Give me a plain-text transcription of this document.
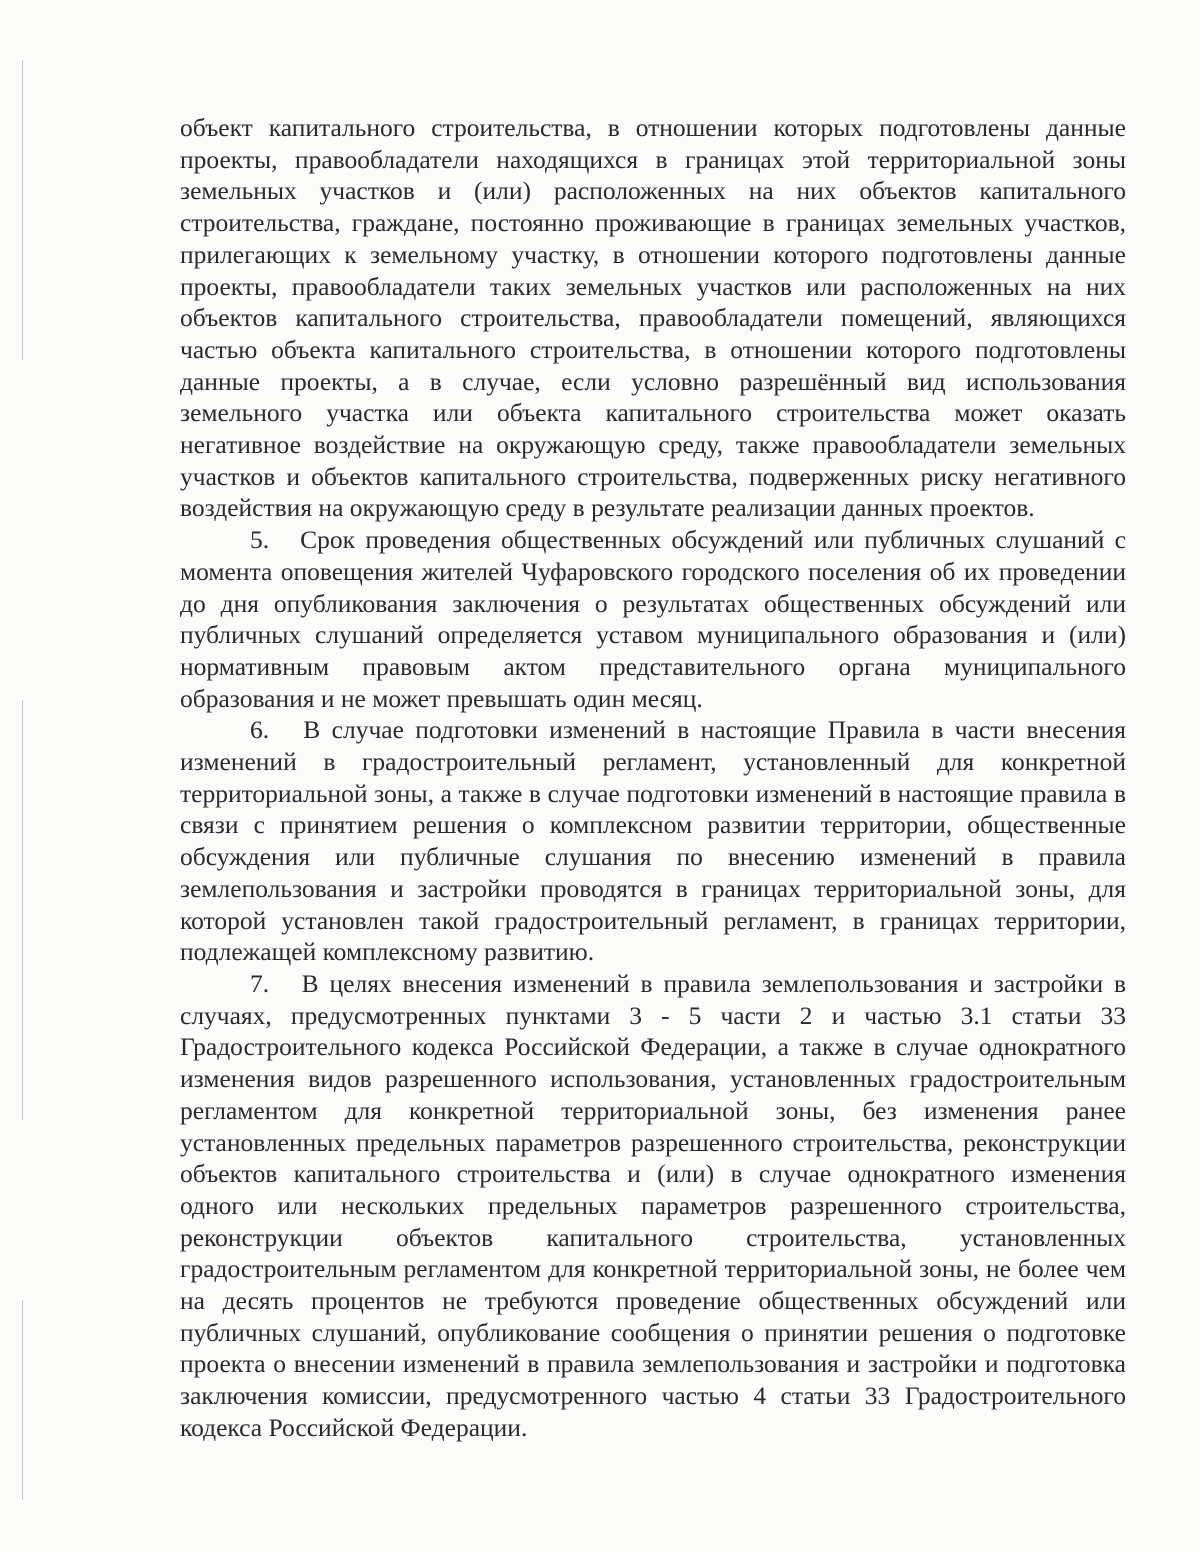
объект капитального строительства, в отношении которых подготовлены данные проекты, правообладатели находящихся в границах этой территориальной зоны земельных участков и (или) расположенных на них объектов капитального строительства, граждане, постоянно проживающие в границах земельных участков, прилегающих к земельному участку, в отношении которого подготовлены данные проекты, правообладатели таких земельных участков или расположенных на них объектов капитального строительства, правообладатели помещений, являющихся частью объекта капитального строительства, в отношении которого подготовлены данные проекты, а в случае, если условно разрешённый вид использования земельного участка или объекта капитального строительства может оказать негативное воздействие на окружающую среду, также правообладатели земельных участков и объектов капитального строительства, подверженных риску негативного воздействия на окружающую среду в результате реализации данных проектов.

5. Срок проведения общественных обсуждений или публичных слушаний с момента оповещения жителей Чуфаровского городского поселения об их проведении до дня опубликования заключения о результатах общественных обсуждений или публичных слушаний определяется уставом муниципального образования и (или) нормативным правовым актом представительного органа муниципального образования и не может превышать один месяц.

6. В случае подготовки изменений в настоящие Правила в части внесения изменений в градостроительный регламент, установленный для конкретной территориальной зоны, а также в случае подготовки изменений в настоящие правила в связи с принятием решения о комплексном развитии территории, общественные обсуждения или публичные слушания по внесению изменений в правила землепользования и застройки проводятся в границах территориальной зоны, для которой установлен такой градостроительный регламент, в границах территории, подлежащей комплексному развитию.

7. В целях внесения изменений в правила землепользования и застройки в случаях, предусмотренных пунктами 3 - 5 части 2 и частью 3.1 статьи 33 Градостроительного кодекса Российской Федерации, а также в случае однократного изменения видов разрешенного использования, установленных градостроительным регламентом для конкретной территориальной зоны, без изменения ранее установленных предельных параметров разрешенного строительства, реконструкции объектов капитального строительства и (или) в случае однократного изменения одного или нескольких предельных параметров разрешенного строительства, реконструкции объектов капитального строительства, установленных градостроительным регламентом для конкретной территориальной зоны, не более чем на десять процентов не требуются проведение общественных обсуждений или публичных слушаний, опубликование сообщения о принятии решения о подготовке проекта о внесении изменений в правила землепользования и застройки и подготовка заключения комиссии, предусмотренного частью 4 статьи 33 Градостроительного кодекса Российской Федерации.
